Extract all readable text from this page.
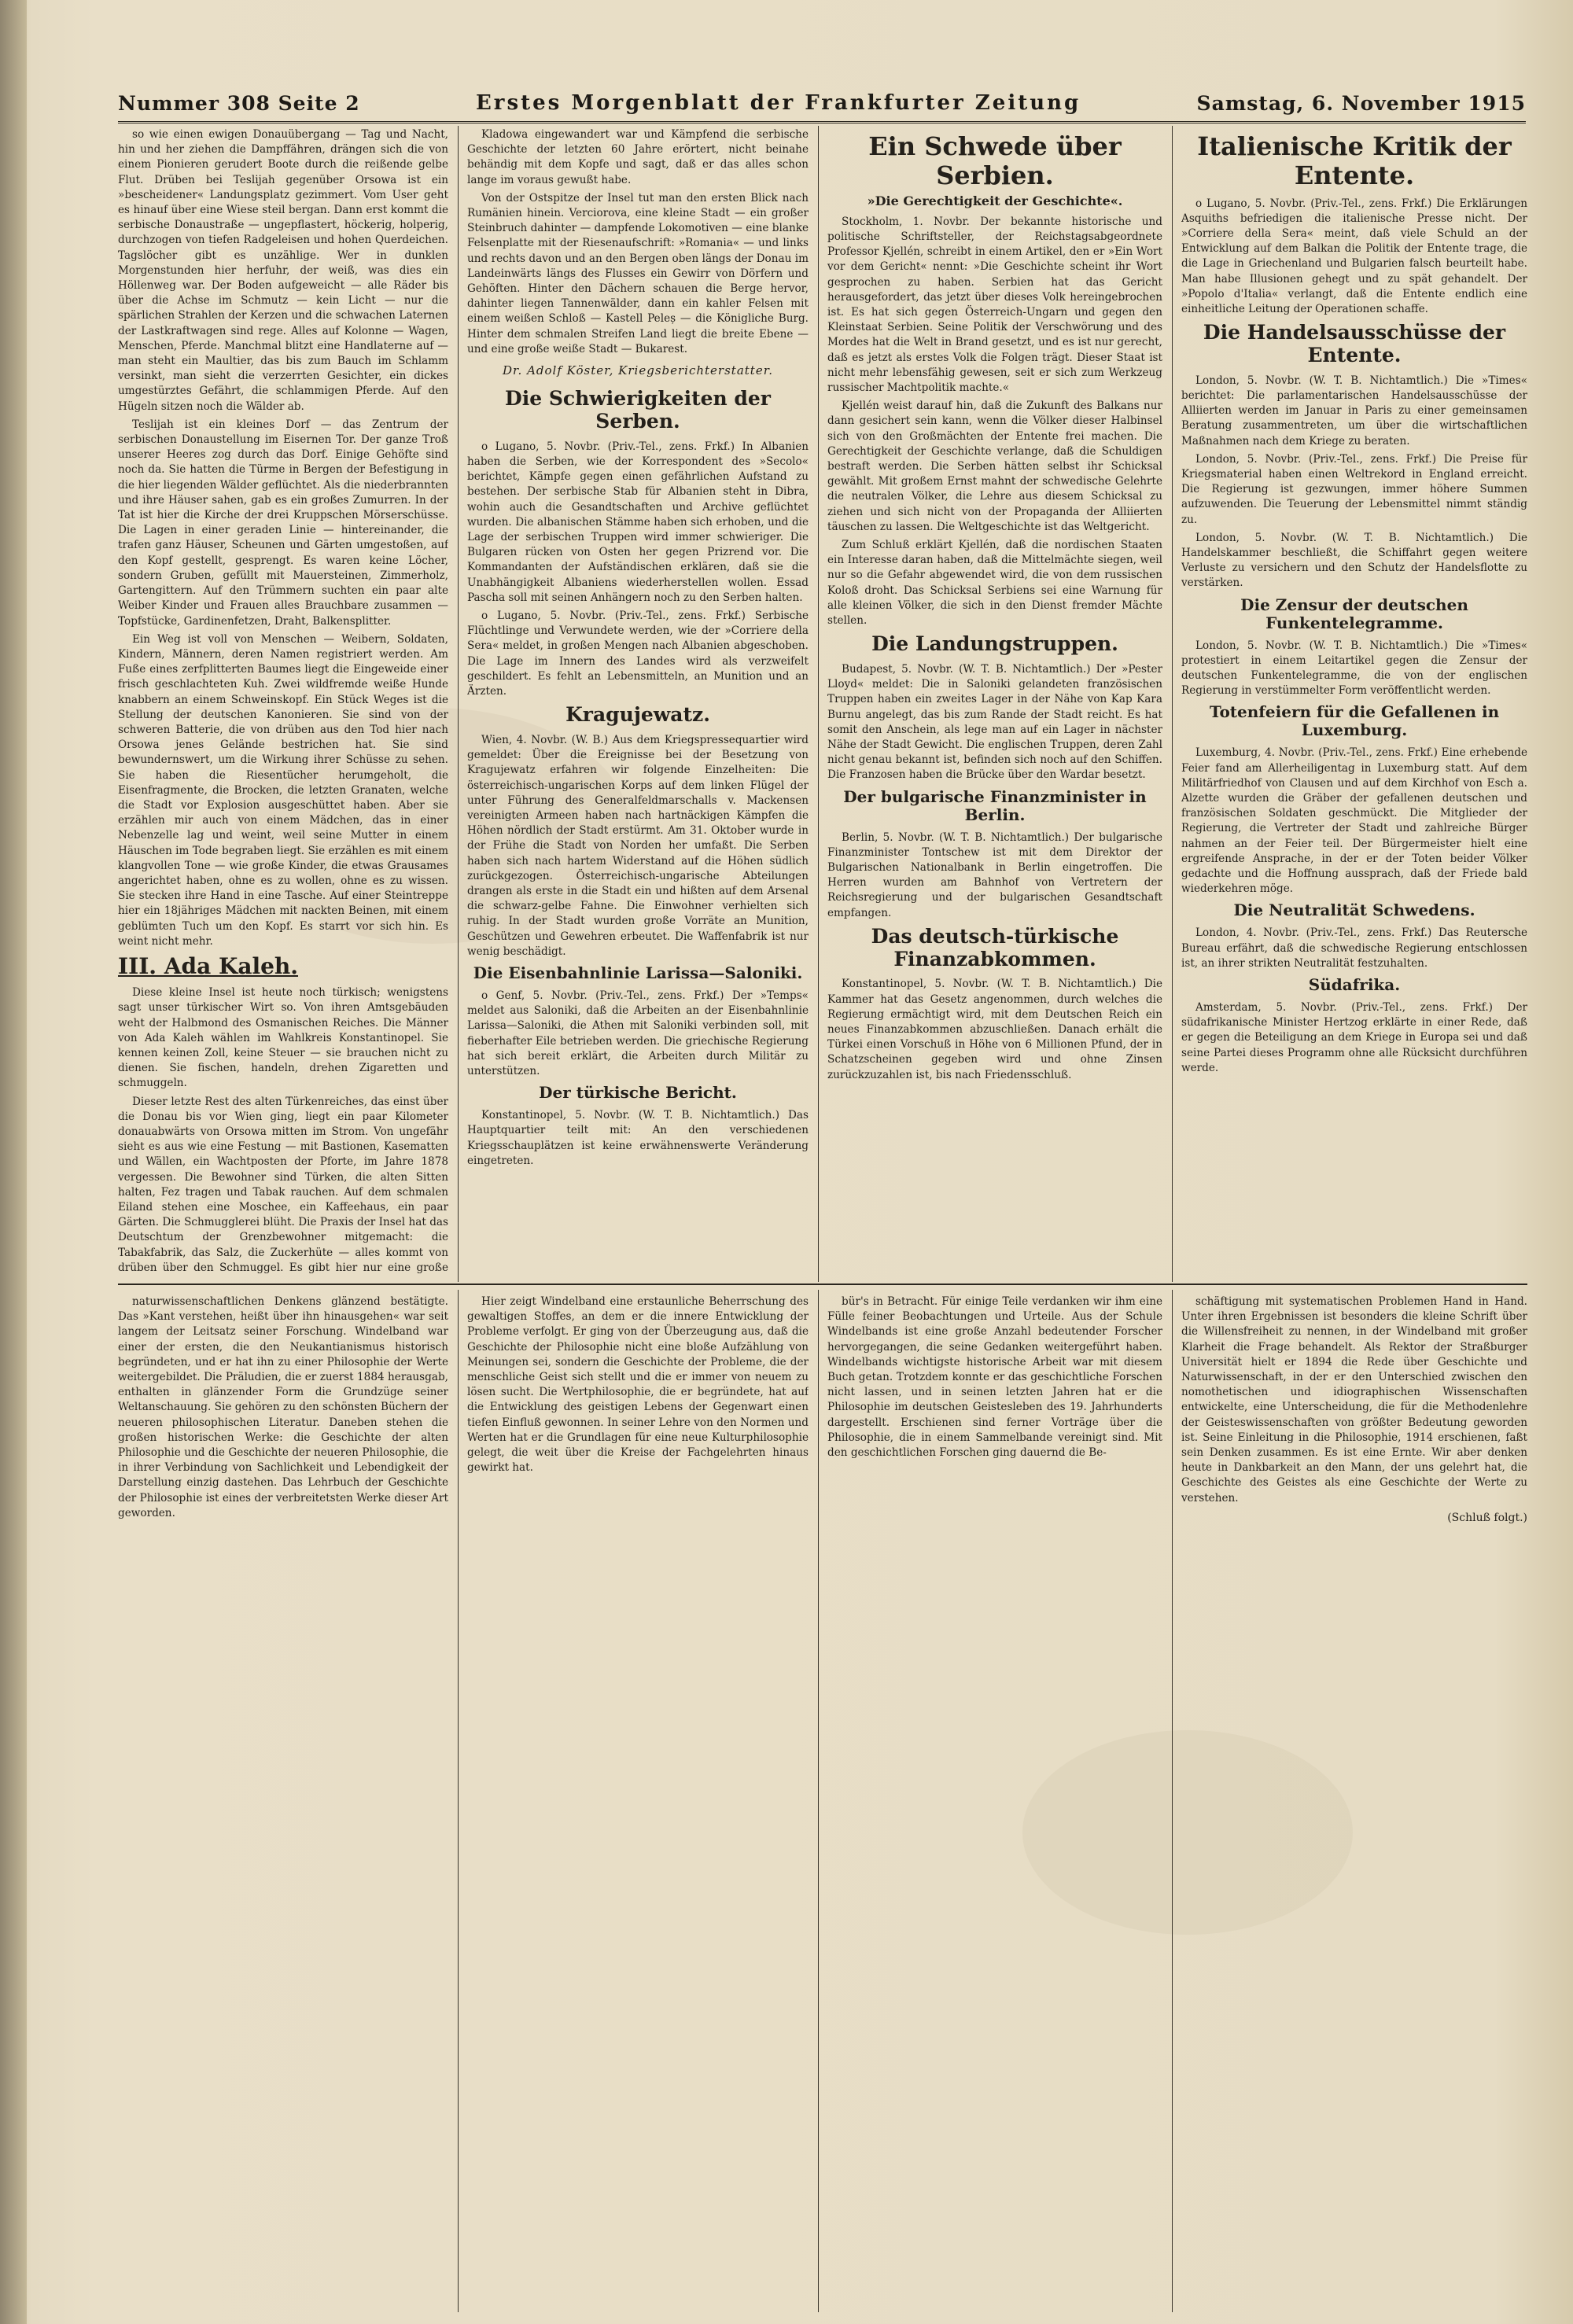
Nummer 308 Seite 2	Erstes Morgenblatt der Frankfurter Zeitung	Samstag, 6. November 1915

so wie einen ewigen Donauübergang — Tag und Nacht, hin und her ziehen die Dampffähren, drängen sich die von einem Pionieren gerudert Boote durch die reißende gelbe Flut. Drüben bei Teslijah gegenüber Orsowa ist ein »bescheidener« Landungsplatz gezimmert. Vom User geht es hinauf über eine Wiese steil bergan. Dann erst kommt die serbische Donaustraße — ungepflastert, höckerig, holperig, durchzogen von tiefen Radgeleisen und hohen Querdeichen. Tagslöcher gibt es unzählige. Wer in dunklen Morgenstunden hier herfuhr, der weiß, was dies ein Höllenweg war. Der Boden aufgeweicht — alle Räder bis über die Achse im Schmutz — kein Licht — nur die spärlichen Strahlen der Kerzen und die schwachen Laternen der Lastkraftwagen sind rege. Alles auf Kolonne — Wagen, Menschen, Pferde. Manchmal blitzt eine Handlaterne auf — man steht ein Maultier, das bis zum Bauch im Schlamm versinkt, man sieht die verzerrten Gesichter, ein dickes umgestürztes Gefährt, die schlammigen Pferde. Auf den Hügeln sitzen noch die Wälder ab.

Teslijah ist ein kleines Dorf — das Zentrum der serbischen Donaustellung im Eisernen Tor. Der ganze Troß unserer Heeres zog durch das Dorf. Einige Gehöfte sind noch da. Sie hatten die Türme in Bergen der Befestigung in die hier liegenden Wälder geflüchtet. Als die niederbrannten und ihre Häuser sahen, gab es ein großes Zumurren. In der Tat ist hier die Kirche der drei Kruppschen Mörserschüsse. Die Lagen in einer geraden Linie — hintereinander, die trafen ganz Häuser, Scheunen und Gärten umgestoßen, auf den Kopf gestellt, gesprengt. Es waren keine Löcher, sondern Gruben, gefüllt mit Mauersteinen, Zimmerholz, Gartengittern. Auf den Trümmern suchten ein paar alte Weiber Kinder und Frauen alles Brauchbare zusammen — Topfstücke, Gardinenfetzen, Draht, Balkensplitter.

Ein Weg ist voll von Menschen — Weibern, Soldaten, Kindern, Männern, deren Namen registriert werden. Am Fuße eines zerfplitterten Baumes liegt die Eingeweide einer frisch geschlachteten Kuh. Zwei wildfremde weiße Hunde knabbern an einem Schweinskopf. Ein Stück Weges ist die Stellung der deutschen Kanonieren. Sie sind von der schweren Batterie, die von drüben aus den Tod hier nach Orsowa jenes Gelände bestrichen hat. Sie sind bewundernswert, um die Wirkung ihrer Schüsse zu sehen. Sie haben die Riesentücher herumgeholt, die Eisenfragmente, die Brocken, die letzten Granaten, welche die Stadt vor Explosion ausgeschüttet haben. Aber sie erzählen mir auch von einem Mädchen, das in einer Nebenzelle lag und weint, weil seine Mutter in einem Häuschen im Tode begraben liegt. Sie erzählen es mit einem klangvollen Tone — wie große Kinder, die etwas Grausames angerichtet haben, ohne es zu wollen, ohne es zu wissen. Sie stecken ihre Hand in eine Tasche. Auf einer Steintreppe hier ein 18jähriges Mädchen mit nackten Beinen, mit einem geblümten Tuch um den Kopf. Es starrt vor sich hin. Es weint nicht mehr.

III. Ada Kaleh.

Diese kleine Insel ist heute noch türkisch; wenigstens sagt unser türkischer Wirt so. Von ihren Amtsgebäuden weht der Halbmond des Osmanischen Reiches. Die Männer von Ada Kaleh wählen im Wahlkreis Konstantinopel. Sie kennen keinen Zoll, keine Steuer — sie brauchen nicht zu dienen. Sie fischen, handeln, drehen Zigaretten und schmuggeln.

Dieser letzte Rest des alten Türkenreiches, das einst über die Donau bis vor Wien ging, liegt ein paar Kilometer donauabwärts von Orsowa mitten im Strom. Von ungefähr sieht es aus wie eine Festung — mit Bastionen, Kasematten und Wällen, ein Wachtposten der Pforte, im Jahre 1878 vergessen. Die Bewohner sind Türken, die alten Sitten halten, Fez tragen und Tabak rauchen. Auf dem schmalen Eiland stehen eine Moschee, ein Kaffeehaus, ein paar Gärten. Die Schmugglerei blüht. Die Praxis der Insel hat das Deutschtum der Grenzbewohner mitgemacht: die Tabakfabrik, das Salz, die Zuckerhüte — alles kommt von drüben über den Schmuggel. Es gibt hier nur eine große

Kladowa eingewandert war und Kämpfend die serbische Geschichte der letzten 60 Jahre erörtert, nicht beinahe behändig mit dem Kopfe und sagt, daß er das alles schon lange im voraus gewußt habe.

Von der Ostspitze der Insel tut man den ersten Blick nach Rumänien hinein. Verciorova, eine kleine Stadt — ein großer Steinbruch dahinter — dampfende Lokomotiven — eine blanke Felsenplatte mit der Riesenaufschrift: »Romania« — und links und rechts davon und an den Bergen oben längs der Donau im Landeinwärts längs des Flusses ein Gewirr von Dörfern und Gehöften. Hinter den Dächern schauen die Berge hervor, dahinter liegen Tannenwälder, dann ein kahler Felsen mit einem weißen Schloß — Kastell Peleș — die Königliche Burg. Hinter dem schmalen Streifen Land liegt die breite Ebene — und eine große weiße Stadt — Bukarest.

Dr. Adolf Köster, Kriegsberichterstatter.
Die Schwierigkeiten der Serben.

o Lugano, 5. Novbr. (Priv.-Tel., zens. Frkf.) In Albanien haben die Serben, wie der Korrespondent des »Secolo« berichtet, Kämpfe gegen einen gefährlichen Aufstand zu bestehen. Der serbische Stab für Albanien steht in Dibra, wohin auch die Gesandtschaften und Archive geflüchtet wurden. Die albanischen Stämme haben sich erhoben, und die Lage der serbischen Truppen wird immer schwieriger. Die Bulgaren rücken von Osten her gegen Prizrend vor. Die Kommandanten der Aufständischen erklären, daß sie die Unabhängigkeit Albaniens wiederherstellen wollen. Essad Pascha soll mit seinen Anhängern noch zu den Serben halten.

o Lugano, 5. Novbr. (Priv.-Tel., zens. Frkf.) Serbische Flüchtlinge und Verwundete werden, wie der »Corriere della Sera« meldet, in großen Mengen nach Albanien abgeschoben. Die Lage im Innern des Landes wird als verzweifelt geschildert. Es fehlt an Lebensmitteln, an Munition und an Ärzten.

Kragujewatz.

Wien, 4. Novbr. (W. B.) Aus dem Kriegspressequartier wird gemeldet: Über die Ereignisse bei der Besetzung von Kragujewatz erfahren wir folgende Einzelheiten: Die österreichisch-ungarischen Korps auf dem linken Flügel der unter Führung des Generalfeldmarschalls v. Mackensen vereinigten Armeen haben nach hartnäckigen Kämpfen die Höhen nördlich der Stadt erstürmt. Am 31. Oktober wurde in der Frühe die Stadt von Norden her umfaßt. Die Serben haben sich nach hartem Widerstand auf die Höhen südlich zurückgezogen. Österreichisch-ungarische Abteilungen drangen als erste in die Stadt ein und hißten auf dem Arsenal die schwarz-gelbe Fahne. Die Einwohner verhielten sich ruhig. In der Stadt wurden große Vorräte an Munition, Geschützen und Gewehren erbeutet. Die Waffenfabrik ist nur wenig beschädigt.

Die Eisenbahnlinie Larissa—Saloniki.

o Genf, 5. Novbr. (Priv.-Tel., zens. Frkf.) Der »Temps« meldet aus Saloniki, daß die Arbeiten an der Eisenbahnlinie Larissa—Saloniki, die Athen mit Saloniki verbinden soll, mit fieberhafter Eile betrieben werden. Die griechische Regierung hat sich bereit erklärt, die Arbeiten durch Militär zu unterstützen.

Der türkische Bericht.

Konstantinopel, 5. Novbr. (W. T. B. Nichtamtlich.) Das Hauptquartier teilt mit: An den verschiedenen Kriegsschauplätzen ist keine erwähnenswerte Veränderung eingetreten.

Ein Schwede über Serbien.
»Die Gerechtigkeit der Geschichte«.

Stockholm, 1. Novbr. Der bekannte historische und politische Schriftsteller, der Reichstagsabgeordnete Professor Kjellén, schreibt in einem Artikel, den er »Ein Wort vor dem Gericht« nennt: »Die Geschichte scheint ihr Wort gesprochen zu haben. Serbien hat das Gericht herausgefordert, das jetzt über dieses Volk hereingebrochen ist. Es hat sich gegen Österreich-Ungarn und gegen den Kleinstaat Serbien. Seine Politik der Verschwörung und des Mordes hat die Welt in Brand gesetzt, und es ist nur gerecht, daß es jetzt als erstes Volk die Folgen trägt. Dieser Staat ist nicht mehr lebensfähig gewesen, seit er sich zum Werkzeug russischer Machtpolitik machte.«

Kjellén weist darauf hin, daß die Zukunft des Balkans nur dann gesichert sein kann, wenn die Völker dieser Halbinsel sich von den Großmächten der Entente frei machen. Die Gerechtigkeit der Geschichte verlange, daß die Schuldigen bestraft werden. Die Serben hätten selbst ihr Schicksal gewählt. Mit großem Ernst mahnt der schwedische Gelehrte die neutralen Völker, die Lehre aus diesem Schicksal zu ziehen und sich nicht von der Propaganda der Alliierten täuschen zu lassen. Die Weltgeschichte ist das Weltgericht.

Zum Schluß erklärt Kjellén, daß die nordischen Staaten ein Interesse daran haben, daß die Mittelmächte siegen, weil nur so die Gefahr abgewendet wird, die von dem russischen Koloß droht. Das Schicksal Serbiens sei eine Warnung für alle kleinen Völker, die sich in den Dienst fremder Mächte stellen.

Die Landungstruppen.

Budapest, 5. Novbr. (W. T. B. Nichtamtlich.) Der »Pester Lloyd« meldet: Die in Saloniki gelandeten französischen Truppen haben ein zweites Lager in der Nähe von Kap Kara Burnu angelegt, das bis zum Rande der Stadt reicht. Es hat somit den Anschein, als lege man auf ein Lager in nächster Nähe der Stadt Gewicht. Die englischen Truppen, deren Zahl nicht genau bekannt ist, befinden sich noch auf den Schiffen. Die Franzosen haben die Brücke über den Wardar besetzt.

Der bulgarische Finanzminister in Berlin.

Berlin, 5. Novbr. (W. T. B. Nichtamtlich.) Der bulgarische Finanzminister Tontschew ist mit dem Direktor der Bulgarischen Nationalbank in Berlin eingetroffen. Die Herren wurden am Bahnhof von Vertretern der Reichsregierung und der bulgarischen Gesandtschaft empfangen.

Das deutsch-türkische Finanzabkommen.

Konstantinopel, 5. Novbr. (W. T. B. Nichtamtlich.) Die Kammer hat das Gesetz angenommen, durch welches die Regierung ermächtigt wird, mit dem Deutschen Reich ein neues Finanzabkommen abzuschließen. Danach erhält die Türkei einen Vorschuß in Höhe von 6 Millionen Pfund, der in Schatzscheinen gegeben wird und ohne Zinsen zurückzuzahlen ist, bis nach Friedensschluß.

Italienische Kritik der Entente.

o Lugano, 5. Novbr. (Priv.-Tel., zens. Frkf.) Die Erklärungen Asquiths befriedigen die italienische Presse nicht. Der »Corriere della Sera« meint, daß viele Schuld an der Entwicklung auf dem Balkan die Politik der Entente trage, die die Lage in Griechenland und Bulgarien falsch beurteilt habe. Man habe Illusionen gehegt und zu spät gehandelt. Der »Popolo d'Italia« verlangt, daß die Entente endlich eine einheitliche Leitung der Operationen schaffe.

Die Handelsausschüsse der Entente.

London, 5. Novbr. (W. T. B. Nichtamtlich.) Die »Times« berichtet: Die parlamentarischen Handelsausschüsse der Alliierten werden im Januar in Paris zu einer gemeinsamen Beratung zusammentreten, um über die wirtschaftlichen Maßnahmen nach dem Kriege zu beraten.

London, 5. Novbr. (Priv.-Tel., zens. Frkf.) Die Preise für Kriegsmaterial haben einen Weltrekord in England erreicht. Die Regierung ist gezwungen, immer höhere Summen aufzuwenden. Die Teuerung der Lebensmittel nimmt ständig zu.

London, 5. Novbr. (W. T. B. Nichtamtlich.) Die Handelskammer beschließt, die Schiffahrt gegen weitere Verluste zu versichern und den Schutz der Handelsflotte zu verstärken.

Die Zensur der deutschen Funkentelegramme.

London, 5. Novbr. (W. T. B. Nichtamtlich.) Die »Times« protestiert in einem Leitartikel gegen die Zensur der deutschen Funkentelegramme, die von der englischen Regierung in verstümmelter Form veröffentlicht werden.

Totenfeiern für die Gefallenen in Luxemburg.

Luxemburg, 4. Novbr. (Priv.-Tel., zens. Frkf.) Eine erhebende Feier fand am Allerheiligentag in Luxemburg statt. Auf dem Militärfriedhof von Clausen und auf dem Kirchhof von Esch a. Alzette wurden die Gräber der gefallenen deutschen und französischen Soldaten geschmückt. Die Mitglieder der Regierung, die Vertreter der Stadt und zahlreiche Bürger nahmen an der Feier teil. Der Bürgermeister hielt eine ergreifende Ansprache, in der er der Toten beider Völker gedachte und die Hoffnung aussprach, daß der Friede bald wiederkehren möge.

Die Neutralität Schwedens.

London, 4. Novbr. (Priv.-Tel., zens. Frkf.) Das Reutersche Bureau erfährt, daß die schwedische Regierung entschlossen ist, an ihrer strikten Neutralität festzuhalten.

Südafrika.

Amsterdam, 5. Novbr. (Priv.-Tel., zens. Frkf.) Der südafrikanische Minister Hertzog erklärte in einer Rede, daß er gegen die Beteiligung an dem Kriege in Europa sei und daß seine Partei dieses Programm ohne alle Rücksicht durchführen werde.

naturwissenschaftlichen Denkens glänzend bestätigte. Das »Kant verstehen, heißt über ihn hinausgehen« war seit langem der Leitsatz seiner Forschung. Windelband war einer der ersten, die den Neukantianismus historisch begründeten, und er hat ihn zu einer Philosophie der Werte weitergebildet. Die Präludien, die er zuerst 1884 herausgab, enthalten in glänzender Form die Grundzüge seiner Weltanschauung. Sie gehören zu den schönsten Büchern der neueren philosophischen Literatur. Daneben stehen die großen historischen Werke: die Geschichte der alten Philosophie und die Geschichte der neueren Philosophie, die in ihrer Verbindung von Sachlichkeit und Lebendigkeit der Darstellung einzig dastehen. Das Lehrbuch der Geschichte der Philosophie ist eines der verbreitetsten Werke dieser Art geworden.

Hier zeigt Windelband eine erstaunliche Beherrschung des gewaltigen Stoffes, an dem er die innere Entwicklung der Probleme verfolgt. Er ging von der Überzeugung aus, daß die Geschichte der Philosophie nicht eine bloße Aufzählung von Meinungen sei, sondern die Geschichte der Probleme, die der menschliche Geist sich stellt und die er immer von neuem zu lösen sucht. Die Wertphilosophie, die er begründete, hat auf die Entwicklung des geistigen Lebens der Gegenwart einen tiefen Einfluß gewonnen. In seiner Lehre von den Normen und Werten hat er die Grundlagen für eine neue Kulturphilosophie gelegt, die weit über die Kreise der Fachgelehrten hinaus gewirkt hat.

bür's in Betracht. Für einige Teile verdanken wir ihm eine Fülle feiner Beobachtungen und Urteile. Aus der Schule Windelbands ist eine große Anzahl bedeutender Forscher hervorgegangen, die seine Gedanken weitergeführt haben. Windelbands wichtigste historische Arbeit war mit diesem Buch getan. Trotzdem konnte er das geschichtliche Forschen nicht lassen, und in seinen letzten Jahren hat er die Philosophie im deutschen Geistesleben des 19. Jahrhunderts dargestellt. Erschienen sind ferner Vorträge über die Philosophie, die in einem Sammelbande vereinigt sind. Mit den geschichtlichen Forschen ging dauernd die Be-

schäftigung mit systematischen Problemen Hand in Hand. Unter ihren Ergebnissen ist besonders die kleine Schrift über die Willensfreiheit zu nennen, in der Windelband mit großer Klarheit die Frage behandelt. Als Rektor der Straßburger Universität hielt er 1894 die Rede über Geschichte und Naturwissenschaft, in der er den Unterschied zwischen den nomothetischen und idiographischen Wissenschaften entwickelte, eine Unterscheidung, die für die Methodenlehre der Geisteswissenschaften von größter Bedeutung geworden ist. Seine Einleitung in die Philosophie, 1914 erschienen, faßt sein Denken zusammen. Es ist eine Ernte. Wir aber denken heute in Dankbarkeit an den Mann, der uns gelehrt hat, die Geschichte des Geistes als eine Geschichte der Werte zu verstehen.

(Schluß folgt.)
